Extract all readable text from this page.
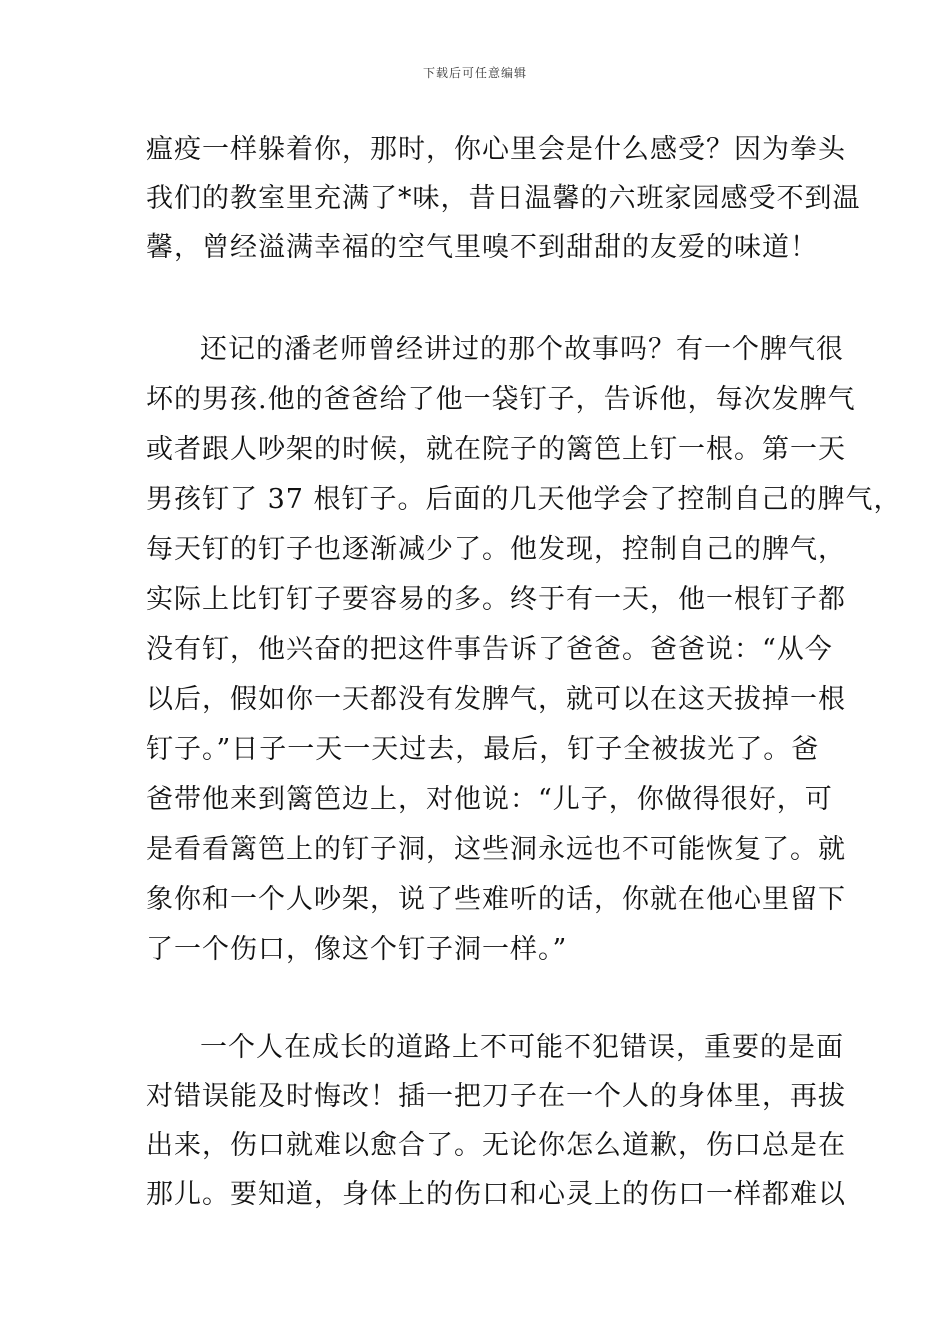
下载后可任意编辑
瘟疫一样躲着你，那时，你心里会是什么感受？因为拳头
我们的教室里充满了*味，昔日温馨的六班家园感受不到温
馨，曾经溢满幸福的空气里嗅不到甜甜的友爱的味道！
还记的潘老师曾经讲过的那个故事吗？有一个脾气很
坏的男孩.他的爸爸给了他一袋钉子，告诉他，每次发脾气
或者跟人吵架的时候，就在院子的篱笆上钉一根。第一天
男孩钉了 37 根钉子。后面的几天他学会了控制自己的脾气，
每天钉的钉子也逐渐减少了。他发现，控制自己的脾气，
实际上比钉钉子要容易的多。终于有一天，他一根钉子都
没有钉，他兴奋的把这件事告诉了爸爸。爸爸说：“从今
以后，假如你一天都没有发脾气，就可以在这天拔掉一根
钉子。”日子一天一天过去，最后，钉子全被拔光了。爸
爸带他来到篱笆边上，对他说：“儿子，你做得很好，可
是看看篱笆上的钉子洞，这些洞永远也不可能恢复了。就
象你和一个人吵架，说了些难听的话，你就在他心里留下
了一个伤口，像这个钉子洞一样。”
一个人在成长的道路上不可能不犯错误，重要的是面
对错误能及时悔改！插一把刀子在一个人的身体里，再拔
出来，伤口就难以愈合了。无论你怎么道歉，伤口总是在
那儿。要知道，身体上的伤口和心灵上的伤口一样都难以
